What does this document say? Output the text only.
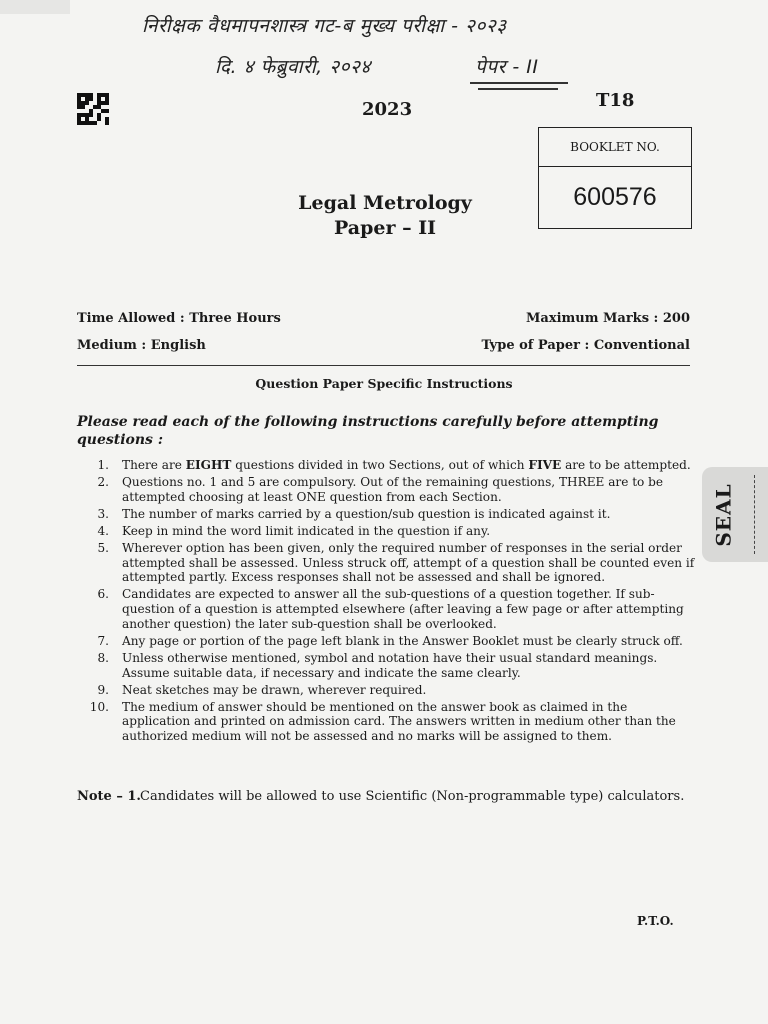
निरीक्षक वैधमापनशास्त्र गट-ब मुख्य परीक्षा - २०२३
दि. ४ फेब्रुवारी, २०२४	पेपर - II
2023	T18
BOOKLET NO.
600576
Legal Metrology
Paper – II
Time Allowed : Three Hours	Maximum Marks : 200
Medium : English	Type of Paper : Conventional
Question Paper Specific Instructions
Please read each of the following instructions carefully before attempting questions :
1. There are EIGHT questions divided in two Sections, out of which FIVE are to be attempted.
2. Questions no. 1 and 5 are compulsory. Out of the remaining questions, THREE are to be attempted choosing at least ONE question from each Section.
3. The number of marks carried by a question/sub question is indicated against it.
4. Keep in mind the word limit indicated in the question if any.
5. Wherever option has been given, only the required number of responses in the serial order attempted shall be assessed. Unless struck off, attempt of a question shall be counted even if attempted partly. Excess responses shall not be assessed and shall be ignored.
6. Candidates are expected to answer all the sub-questions of a question together. If sub-question of a question is attempted elsewhere (after leaving a few page or after attempting another question) the later sub-question shall be overlooked.
7. Any page or portion of the page left blank in the Answer Booklet must be clearly struck off.
8. Unless otherwise mentioned, symbol and notation have their usual standard meanings. Assume suitable data, if necessary and indicate the same clearly.
9. Neat sketches may be drawn, wherever required.
10. The medium of answer should be mentioned on the answer book as claimed in the application and printed on admission card. The answers written in medium other than the authorized medium will not be assessed and no marks will be assigned to them.
Note – 1. Candidates will be allowed to use Scientific (Non-programmable type) calculators.
P.T.O.
SEAL
